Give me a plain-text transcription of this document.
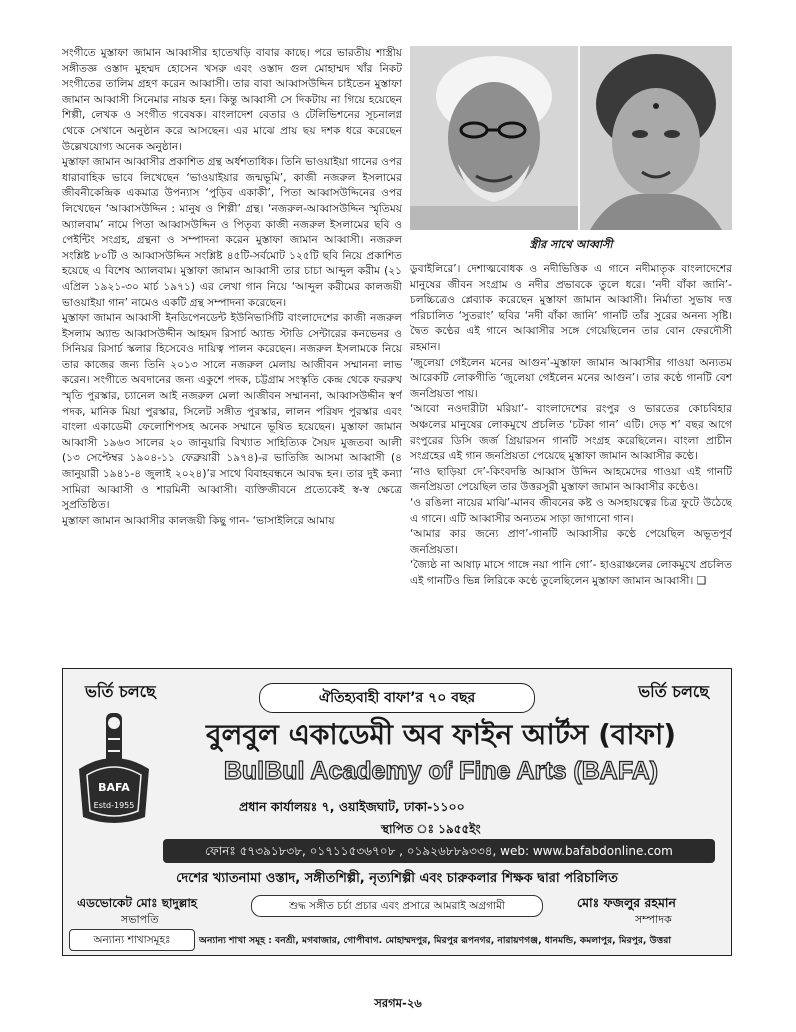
সংগীতে মুস্তাফা জামান আব্বাসীর হাতেখড়ি বাবার কাছে। পরে ভারতীয় শাস্ত্রীয় সঙ্গীতজ্ঞ ওস্তাদ মুহম্মদ হোসেন খসরু এবং ওস্তাদ গুল মোহাম্মদ খাঁর নিকট সংগীতের তালিম গ্রহণ করেন আব্বাসী। তার বাবা আব্বাসউদ্দিন চাইতেন মুস্তাফা জামান আব্বাসী সিনেমার নায়ক হন। কিন্তু আব্বাসী সে দিকটায় না গিয়ে হয়েছেন শিল্পী, লেখক ও সংগীত গবেষক। বাংলাদেশ বেতার ও টেলিভিশনের সূচনালগ্ন থেকে সেখানে অনুষ্ঠান করে আসছেন। এর মাঝে প্রায় ছয় দশক ধরে করেছেন উল্লেখযোগ্য অনেক অনুষ্ঠান।

মুস্তাফা জামান আব্বাসীর প্রকাশিত গ্রন্থ অর্ধশতাধিক। তিনি ভাওয়াইয়া গানের ওপর ধারাবাহিক ভাবে লিখেছেন ‘ভাওয়াইয়ার জন্মভূমি’, কাজী নজরুল ইসলামের জীবনীকেন্দ্রিক একমাত্র উপন্যাস ‘পুড়িব একাকী’, পিতা আব্বাসউদ্দিনের ওপর লিখেছেন ‘আব্বাসউদ্দিন : মানুষ ও শিল্পী’ গ্রন্থ। ‘নজরুল-আব্বাসউদ্দিন স্মৃতিময় অ্যালবাম’ নামে পিতা আব্বাসউদ্দিন ও পিতৃব্য কাজী নজরুল ইসলামের ছবি ও পেইন্টিং সংগ্রহ, গ্রন্থনা ও সম্পাদনা করেন মুস্তাফা জামান আব্বাসী। নজরুল সংশ্লিষ্ট ৮০টি ও আব্বাসউদ্দিন সংশ্লিষ্ট ৪৫টি-সর্বমোট ১২৫টি ছবি নিয়ে প্রকাশিত হয়েছে এ বিশেষ অ্যালবাম। মুস্তাফা জামান আব্বাসী তার চাচা আব্দুল করীম (২১ এপ্রিল ১৯২১-৩০ মার্চ ১৯৭১) এর লেখা গান নিয়ে ‘আব্দুল করীমের কালজয়ী ভাওয়াইয়া গান’ নামেও একটি গ্রন্থ সম্পাদনা করেছেন।

মুস্তাফা জামান আব্বাসী ইনডিপেনডেন্ট ইউনিভার্সিটি বাংলাদেশের কাজী নজরুল ইসলাম অ্যান্ড আব্বাসউদ্দীন আহমদ রিসার্চ অ্যান্ড স্টাডি সেন্টারের কনভেনর ও সিনিয়র রিসার্চ স্কলার হিসেবেও দায়িত্ব পালন করেছেন। নজরুল ইসলামকে নিয়ে তার কাজের জন্য তিনি ২০১৩ সালে নজরুল মেলায় আজীবন সম্মাননা লাভ করেন। সংগীতে অবদানের জন্য একুশে পদক, চট্টগ্রাম সংস্কৃতি কেন্দ্র থেকে ফররুখ স্মৃতি পুরস্কার, চ্যানেল আই নজরুল মেলা আজীবন সম্মাননা, আব্বাসউদ্দীন স্বর্ণ পদক, মানিক মিয়া পুরস্কার, সিলেট সঙ্গীত পুরস্কার, লালন পরিষদ পুরস্কার এবং বাংলা একাডেমী ফেলোশিপসহ অনেক সম্মানে ভূষিত হয়েছেন। মুস্তাফা জামান আব্বাসী ১৯৬৩ সালের ২০ জানুয়ারি বিখ্যাত সাহিত্যিক সৈয়দ মুজতবা আলী (১৩ সেপ্টেম্বর ১৯০৪-১১ ফেব্রুয়ারী ১৯৭৪)-র ভাতিজি আসমা আব্বাসী (৪ জানুয়ারী ১৯৪১-৪ জুলাই ২০২৪)’র সাথে বিবাহবন্ধনে আবদ্ধ হন। তার দুই কন্যা সামিরা আব্বাসী ও শারমিনী আব্বাসী। ব্যক্তিজীবনে প্রত্যেকেই স্ব-স্ব ক্ষেত্রে সুপ্রতিষ্ঠিত।

মুস্তাফা জামান আব্বাসীর কালজয়ী কিছু গান- ‘ভাসাইলিরে আমায়

স্ত্রীর সাথে আব্বাসী

ডুবাইলিরে’। দেশাত্মবোধক ও নদীভিত্তিক এ গানে নদীমাতৃক বাংলাদেশের মানুষের জীবন সংগ্রাম ও নদীর প্রভাবকে তুলে ধরে। ‘নদী বাঁকা জানি’- চলচ্চিত্রেও প্লেব্যাক করেছেন মুস্তাফা জামান আব্বাসী। নির্মাতা সুভাষ দত্ত পরিচালিত ‘সুতরাং’ ছবির ‘নদী বাঁকা জানি’ গানটি তাঁর সুরের অনন্য সৃষ্টি। দ্বৈত কণ্ঠের এই গানে আব্বাসীর সঙ্গে গেয়েছিলেন তার বোন ফেরদৌসী রহমান।

‘জুলেয়া গেইলেন মনের আগুন’-মুস্তাফা জামান আব্বাসীর গাওয়া অন্যতম আরেকটি লোকগীতি ‘জুলেয়া গেইলেন মনের আগুন’। তার কণ্ঠে গানটি বেশ জনপ্রিয়তা পায়।

‘আবো নওদারীটা মরিয়া’- বাংলাদেশের রংপুর ও ভারতের কোচবিহার অঞ্চলের মানুষের লোকমুখে প্রচলিত ‘চটকা গান’ এটি। দেড় শ’ বছর আগে রংপুরের ডিসি জর্জ গ্রিয়ারসন গানটি সংগ্রহ করেছিলেন। বাংলা প্রাচীন সংগ্রহের এই গান জনপ্রিয়তা পেয়েছে মুস্তাফা জামান আব্বাসীর কণ্ঠে।

‘নাও ছাড়িয়া দে’-কিংবদন্তি আব্বাস উদ্দিন আহমেদের গাওয়া এই গানটি জনপ্রিয়তা পেয়েছিল তার উত্তরসূরী মুস্তাফা জামান আব্বাসীর কণ্ঠেও।

‘ও রঙিলা নায়ের মাঝি’-মানব জীবনের কষ্ট ও অসহায়ত্বের চিত্র ফুটে উঠেছে এ গানে। এটি আব্বাসীর অন্যতম সাড়া জাগানো গান।

‘আমার কার জন্যে প্রাণ’-গানটি আব্বাসীর কণ্ঠে পেয়েছিল অভূতপূর্ব জনপ্রিয়তা।

‘জ্যৈষ্ঠ না আষাঢ় মাসে গাঙ্গে নয়া পানি গো’- হাওরাঞ্চলের লোকমুখে প্রচলিত এই গানটিও ভিন্ন লিরিকে কণ্ঠে তুলেছিলেন মুস্তাফা জামান আব্বাসী। ❑

ভর্তি চলছে	ভর্তি চলছে
ঐতিহ্যবাহী বাফা’র ৭০ বছর
BAFA
Estd-1955
বুলবুল একাডেমী অব ফাইন আর্টস (বাফা)
BulBul Academy of Fine Arts (BAFA)
প্রধান কার্যালয়ঃ ৭, ওয়াইজঘাট, ঢাকা-১১০০
স্থাপিত ঃ ১৯৫৫ইং
ফোনঃ ৫৭৩৯১৮৩৮, ০১৭১১৫৩৬৭০৮ , ০১৯২৬৮৮৯৩৩৪, web: www.bafabdonline.com
দেশের খ্যাতনামা ওস্তাদ, সঙ্গীতশিল্পী, নৃত্যশিল্পী এবং চারুকলার শিক্ষক দ্বারা পরিচালিত
এডভোকেট মোঃ ছাদুল্লাহ
সভাপতি
শুদ্ধ সঙ্গীত চর্চা প্রচার এবং প্রসারে আমরাই অগ্রগামী	মোঃ ফজলুর রহমান
সম্পাদক
অন্যান্য শাখাসমূহঃ	অন্যান্য শাখা সমূহ : বনশ্রী, মগবাজার, গোপীবাগ. মোহাম্মদপুর, মিরপুর রূপনগর, নারায়ণগঞ্জ, ধানমন্ডি, কমলাপুর, মিরপুর, উত্তরা
সরগম-২৬
